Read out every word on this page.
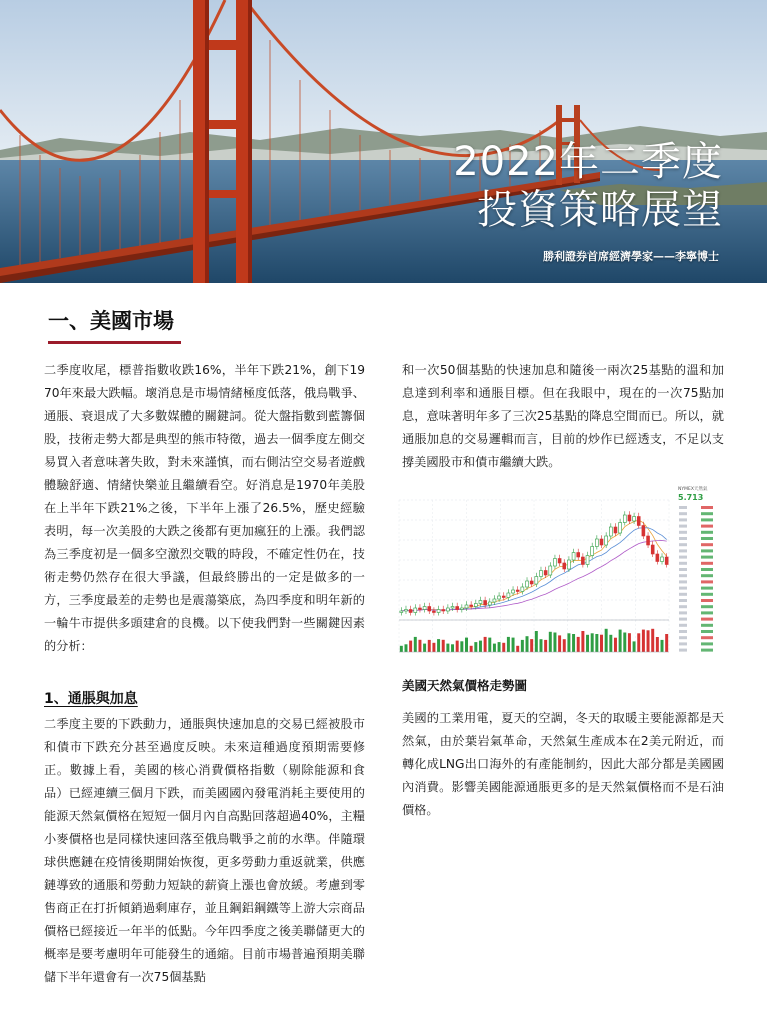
2022年二季度
投資策略展望
勝利證券首席經濟學家——李寧博士
一、美國市場

二季度收尾，標普指數收跌16%，半年下跌21%，創下1970年來最大跌幅。壞消息是市場情緒極度低落，俄烏戰爭、通脹、衰退成了大多數媒體的關鍵詞。從大盤指數到藍籌個股，技術走勢大都是典型的熊市特徵，過去一個季度左側交易買入者意味著失敗，對未來謹慎，而右側沽空交易者遊戲體驗舒適、情緒快樂並且繼續看空。好消息是1970年美股在上半年下跌21%之後，下半年上漲了26.5%，歷史經驗表明，每一次美股的大跌之後都有更加瘋狂的上漲。我們認為三季度初是一個多空激烈交戰的時段，不確定性仍在，技術走勢仍然存在很大爭議，但最終勝出的一定是做多的一方，三季度最差的走勢也是震蕩築底，為四季度和明年新的一輪牛市提供多頭建倉的良機。以下使我們對一些關鍵因素的分析：

1、通脹與加息

二季度主要的下跌動力，通脹與快速加息的交易已經被股市和債市下跌充分甚至過度反映。未來這種過度預期需要修正。數據上看，美國的核心消費價格指數（剔除能源和食品）已經連續三個月下跌，而美國國內發電消耗主要使用的能源天然氣價格在短短一個月內自高點回落超過40%，主糧小麥價格也是同樣快速回落至俄烏戰爭之前的水準。伴隨環球供應鏈在疫情後期開始恢復，更多勞動力重返就業，供應鏈導致的通脹和勞動力短缺的薪資上漲也會放緩。考慮到零售商正在打折傾銷過剩庫存，並且鋼鋁鋼鐵等上游大宗商品價格已經接近一年半的低點。今年四季度之後美聯儲更大的概率是要考慮明年可能發生的通縮。目前市場普遍預期美聯儲下半年還會有一次75個基點

和一次50個基點的快速加息和隨後一兩次25基點的溫和加息達到利率和通脹目標。但在我眼中，現在的一次75點加息，意味著明年多了三次25基點的降息空間而已。所以，就通脹加息的交易邏輯而言，目前的炒作已經透支，不足以支撐美國股市和債市繼續大跌。

NYMEX天然氣
5.713
美國天然氣價格走勢圖

美國的工業用電，夏天的空調，冬天的取暖主要能源都是天然氣，由於葉岩氣革命，天然氣生產成本在2美元附近，而轉化成LNG出口海外的有產能制約，因此大部分都是美國國內消費。影響美國能源通脹更多的是天然氣價格而不是石油價格。
